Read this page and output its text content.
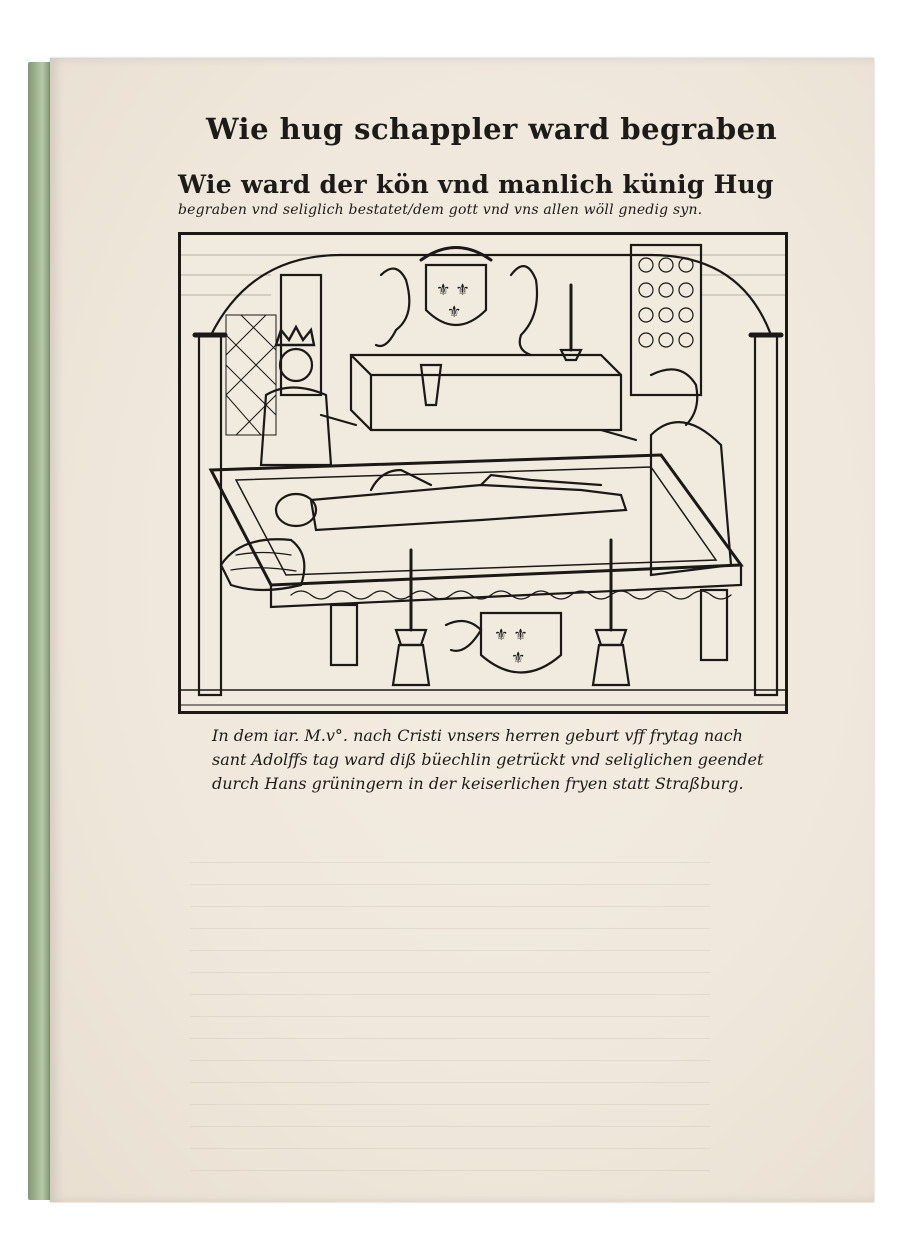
Wie hug schappler ward begraben
Wie ward der kön vnd manlich künig Hug
begraben vnd seliglich bestatet/dem gott vnd vns allen wöll gnedig syn.
⚜ ⚜
⚜
⚜ ⚜
⚜
In dem iar. M.v°. nach Cristi vnsers herren geburt vff frytag nach
sant Adolffs tag ward diß büechlin getrückt vnd seliglichen geendet
durch Hans grüningern in der keiserlichen fryen statt Straßburg.
